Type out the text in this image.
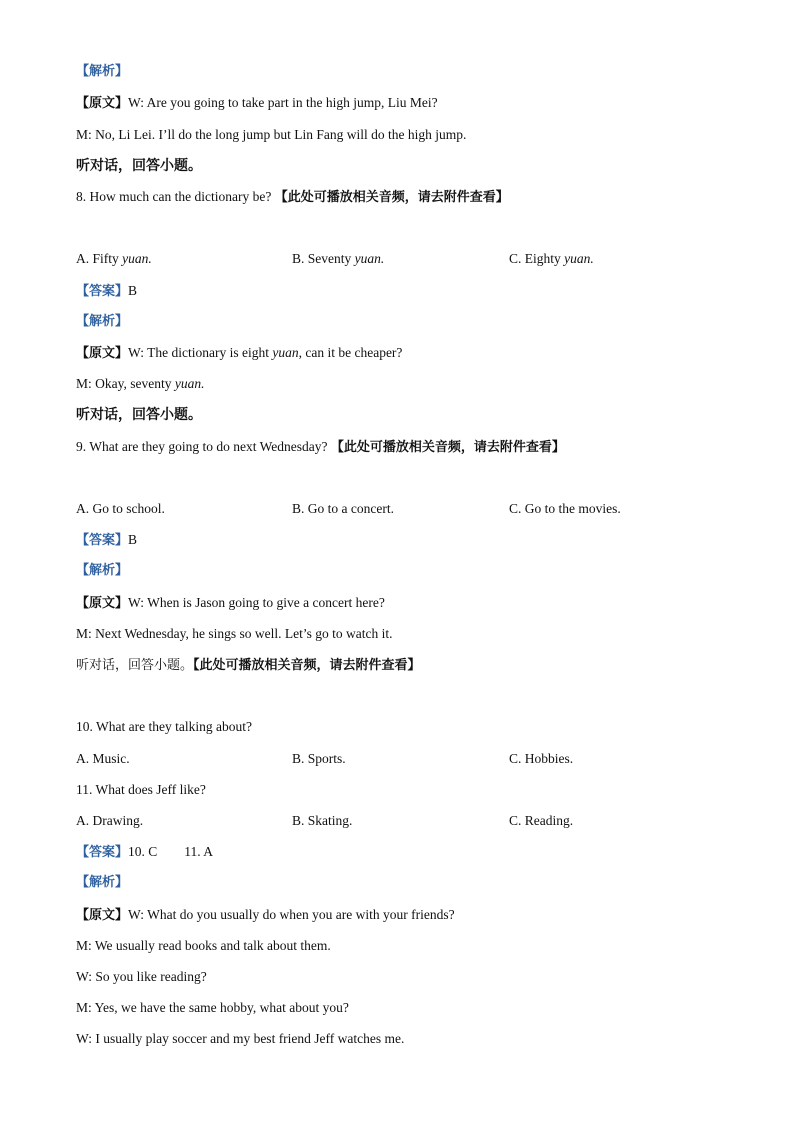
【解析】
【原文】W: Are you going to take part in the high jump, Liu Mei?
M: No, Li Lei. I’ll do the long jump but Lin Fang will do the high jump.
听对话，回答小题。
8. How much can the dictionary be? 【此处可播放相关音频，请去附件查看】
A. Fifty yuan.	B. Seventy yuan.	C. Eighty yuan.
【答案】B
【解析】
【原文】W: The dictionary is eight yuan, can it be cheaper?
M: Okay, seventy yuan.
听对话，回答小题。
9. What are they going to do next Wednesday? 【此处可播放相关音频，请去附件查看】
A. Go to school.	B. Go to a concert.	C. Go to the movies.
【答案】B
【解析】
【原文】W: When is Jason going to give a concert here?
M: Next Wednesday, he sings so well. Let’s go to watch it.
听对话，回答小题。【此处可播放相关音频，请去附件查看】
10. What are they talking about?
A. Music.	B. Sports.	C. Hobbies.
11. What does Jeff like?
A. Drawing.	B. Skating.	C. Reading.
【答案】10. C        11. A
【解析】
【原文】W: What do you usually do when you are with your friends?
M: We usually read books and talk about them.
W: So you like reading?
M: Yes, we have the same hobby, what about you?
W: I usually play soccer and my best friend Jeff watches me.
